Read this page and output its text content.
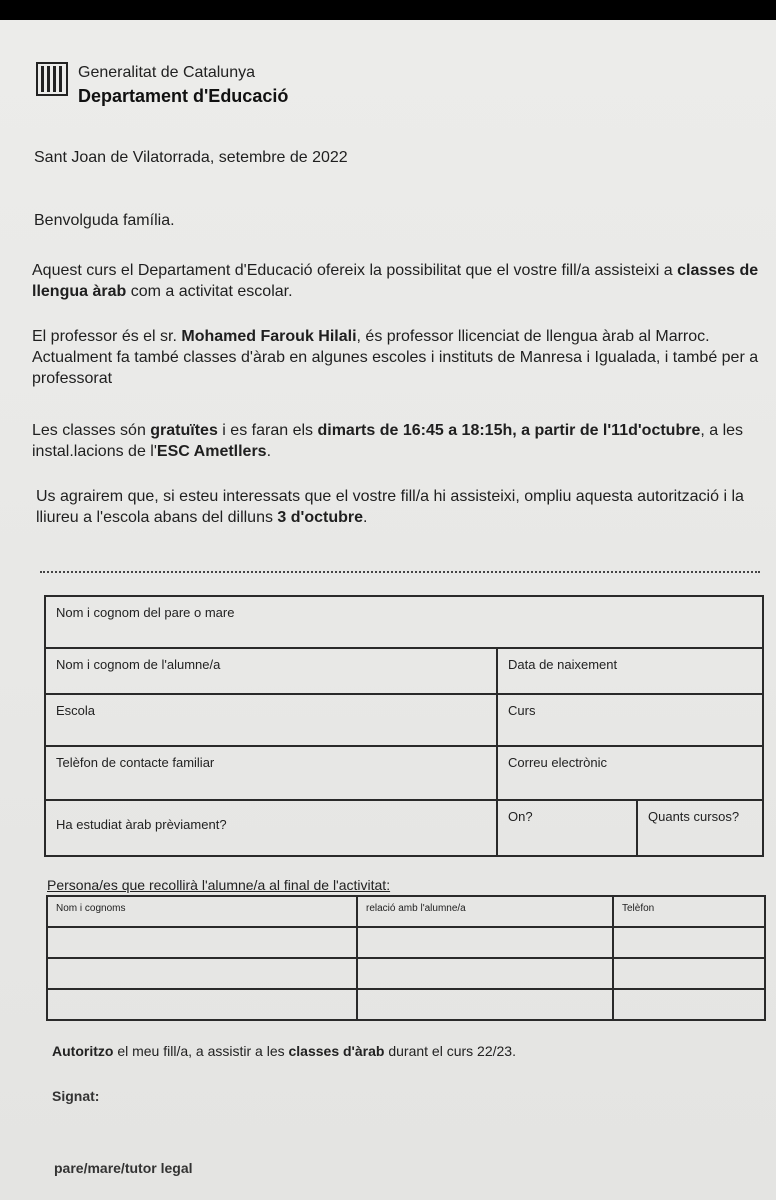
Generalitat de Catalunya
Departament d'Educació
Sant Joan de Vilatorrada, setembre de 2022
Benvolguda família.
Aquest curs el Departament d'Educació ofereix la possibilitat que el vostre fill/a assisteixi a classes de llengua àrab com a activitat escolar.
El professor és el sr. Mohamed Farouk Hilali, és professor llicenciat de llengua àrab al Marroc. Actualment fa també classes d'àrab en algunes escoles i instituts de Manresa i Igualada, i també per a professorat
Les classes són gratuïtes i es faran els dimarts de 16:45 a 18:15h, a partir de l'11d'octubre, a les instal.lacions de l'ESC Ametllers.
Us agrairem que, si esteu interessats que el vostre fill/a hi assisteixi, ompliu aquesta autorització i la lliureu a l'escola abans del dilluns 3 d'octubre.
Nom i cognom del pare o mare		
Nom i cognom de l'alumne/a	Data de naixement	
Escola	Curs	
Telèfon de contacte familiar	Correu electrònic	
Ha estudiat àrab prèviament?	On?	Quants cursos?
Persona/es que recollirà l'alumne/a al final de l'activitat:
Nom i cognoms	relació amb l'alumne/a	Telèfon

Autoritzo el meu fill/a, a assistir a les classes d'àrab durant el curs 22/23.
Signat:
pare/mare/tutor legal
